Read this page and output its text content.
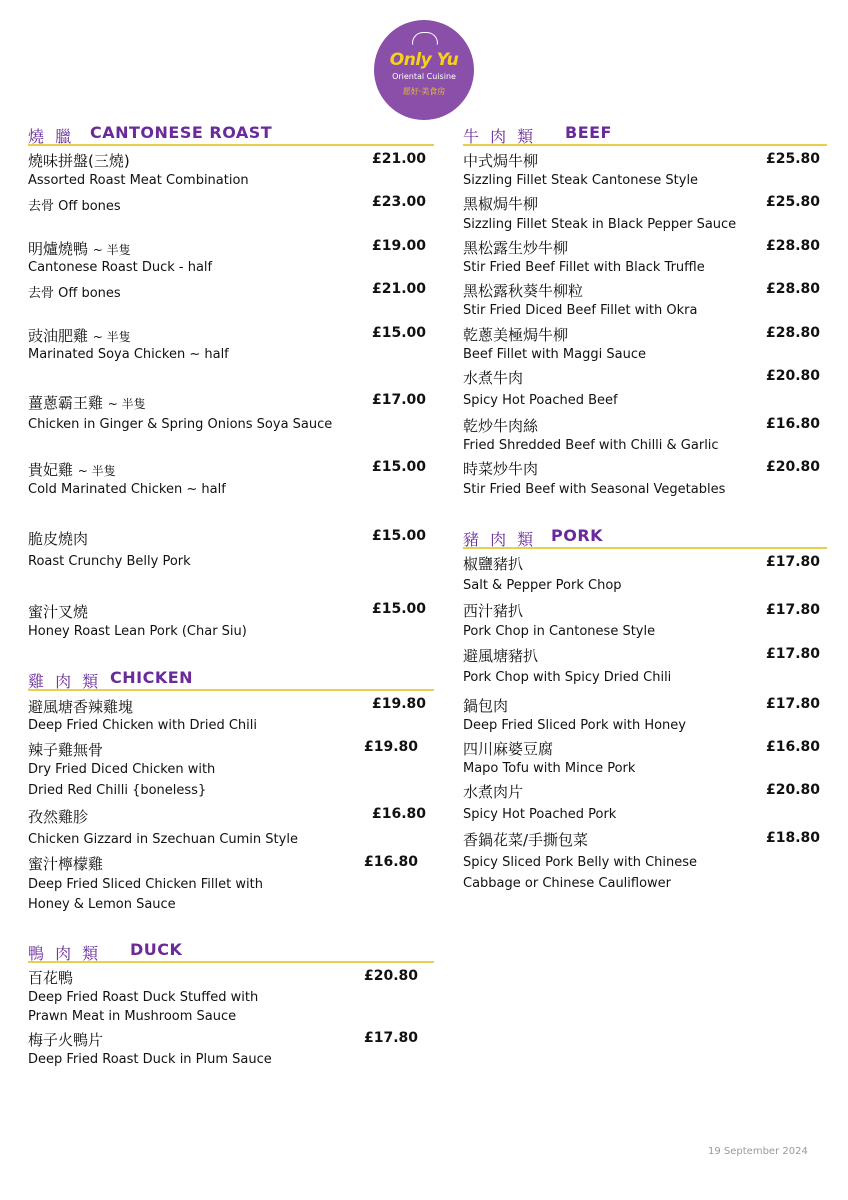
Only Yu
Oriental Cuisine
愿好·美食房
燒 臘 CANTONESE ROAST
燒味拼盤(三燒)	£21.00
Assorted Roast Meat Combination
去骨 Off bones	£23.00
明爐燒鴨 ~ 半隻	£19.00
Cantonese Roast Duck - half
去骨 Off bones	£21.00
豉油肥雞 ~ 半隻	£15.00
Marinated Soya Chicken ~ half
薑蔥霸王雞 ~ 半隻	£17.00
Chicken in Ginger & Spring Onions Soya Sauce
貴妃雞 ~ 半隻	£15.00
Cold Marinated Chicken ~ half
脆皮燒肉	£15.00
Roast Crunchy Belly Pork
蜜汁叉燒	£15.00
Honey Roast Lean Pork (Char Siu)
雞 肉 類 CHICKEN
避風塘香辣雞塊	£19.80
Deep Fried Chicken with Dried Chili
辣子雞無骨	£19.80
Dry Fried Diced Chicken with
Dried Red Chilli {boneless}
孜然雞胗	£16.80
Chicken Gizzard in Szechuan Cumin Style
蜜汁檸檬雞	£16.80
Deep Fried Sliced Chicken Fillet with
Honey & Lemon Sauce
鴨 肉 類 DUCK
百花鴨	£20.80
Deep Fried Roast Duck Stuffed with
Prawn Meat in Mushroom Sauce
梅子火鴨片	£17.80
Deep Fried Roast Duck in Plum Sauce
牛 肉 類 BEEF
中式焗牛柳	£25.80
Sizzling Fillet Steak Cantonese Style
黑椒焗牛柳	£25.80
Sizzling Fillet Steak in Black Pepper Sauce
黑松露生炒牛柳	£28.80
Stir Fried Beef Fillet with Black Truffle
黑松露秋葵牛柳粒	£28.80
Stir Fried Diced Beef Fillet with Okra
乾蔥美極焗牛柳	£28.80
Beef Fillet with Maggi Sauce
水煮牛肉	£20.80
Spicy Hot Poached Beef
乾炒牛肉絲	£16.80
Fried Shredded Beef with Chilli & Garlic
時菜炒牛肉	£20.80
Stir Fried Beef with Seasonal Vegetables
豬 肉 類 PORK
椒鹽豬扒	£17.80
Salt & Pepper Pork Chop
西汁豬扒	£17.80
Pork Chop in Cantonese Style
避風塘豬扒	£17.80
Pork Chop with Spicy Dried Chili
鍋包肉	£17.80
Deep Fried Sliced Pork with Honey
四川麻婆豆腐	£16.80
Mapo Tofu with Mince Pork
水煮肉片	£20.80
Spicy Hot Poached Pork
香鍋花菜/手撕包菜	£18.80
Spicy Sliced Pork Belly with Chinese
Cabbage or Chinese Cauliflower
19 September 2024
